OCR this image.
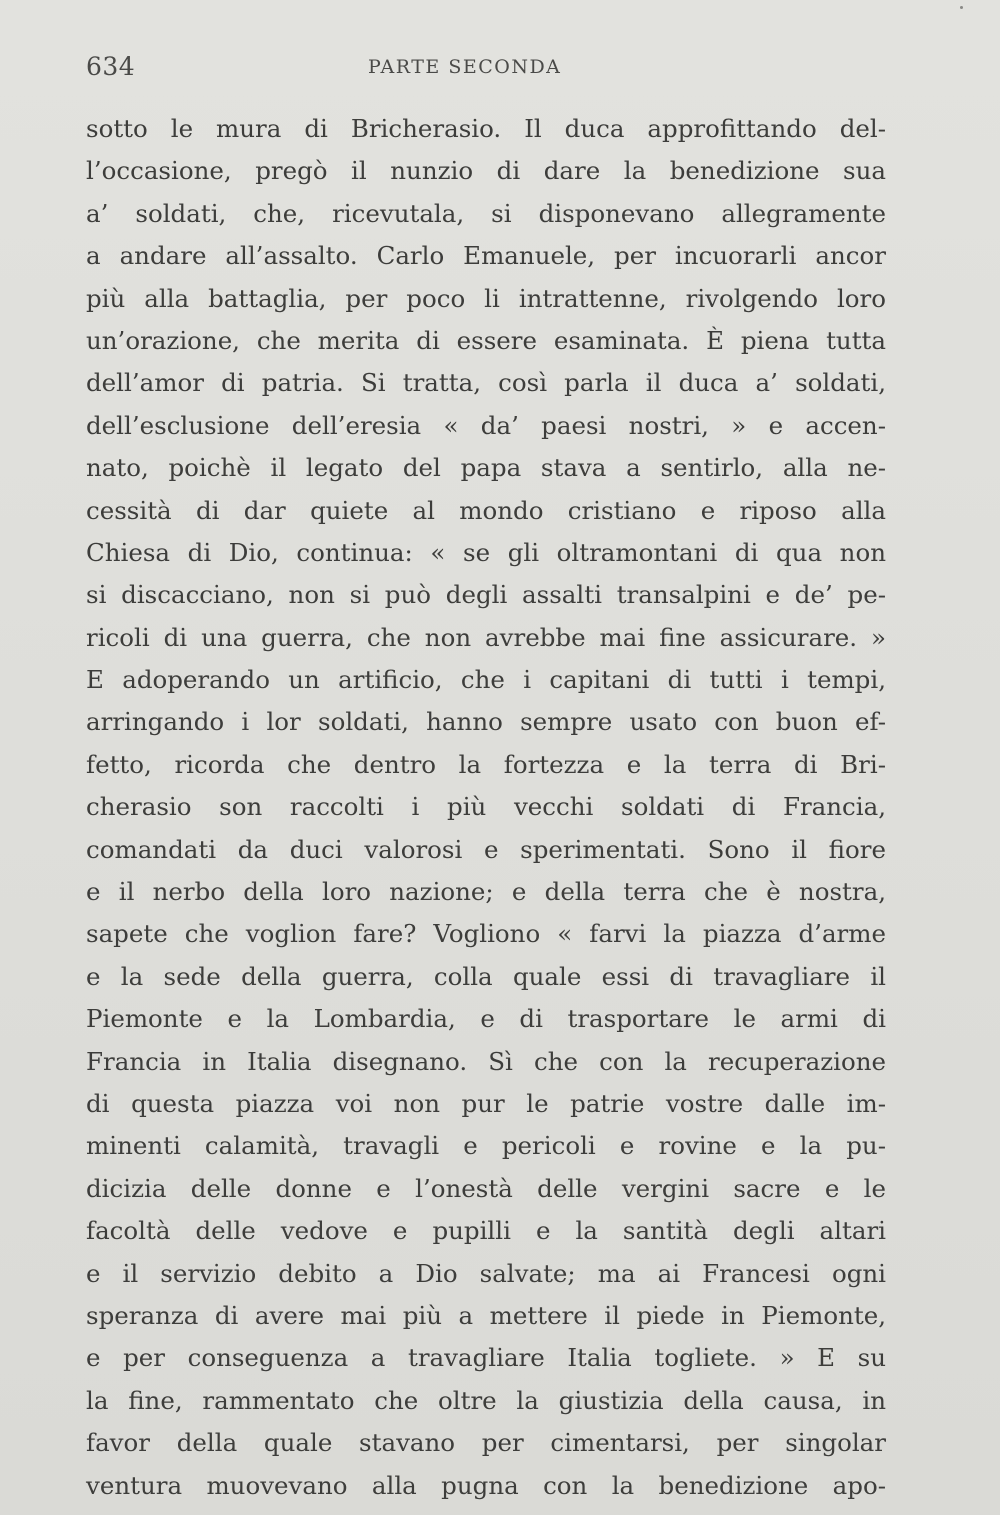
634	PARTE SECONDA
sotto le mura di Bricherasio. Il duca approfittando del-
l’occasione, pregò il nunzio di dare la benedizione sua
a’ soldati, che, ricevutala, si disponevano allegramente
a andare all’assalto. Carlo Emanuele, per incuorarli ancor
più alla battaglia, per poco li intrattenne, rivolgendo loro
un’orazione, che merita di essere esaminata. È piena tutta
dell’amor di patria. Si tratta, così parla il duca a’ soldati,
dell’esclusione dell’eresia « da’ paesi nostri, » e accen-
nato, poichè il legato del papa stava a sentirlo, alla ne-
cessità di dar quiete al mondo cristiano e riposo alla
Chiesa di Dio, continua: « se gli oltramontani di qua non
si discacciano, non si può degli assalti transalpini e de’ pe-
ricoli di una guerra, che non avrebbe mai fine assicurare. »
E adoperando un artificio, che i capitani di tutti i tempi,
arringando i lor soldati, hanno sempre usato con buon ef-
fetto, ricorda che dentro la fortezza e la terra di Bri-
cherasio son raccolti i più vecchi soldati di Francia,
comandati da duci valorosi e sperimentati. Sono il fiore
e il nerbo della loro nazione; e della terra che è nostra,
sapete che voglion fare? Vogliono « farvi la piazza d’arme
e la sede della guerra, colla quale essi di travagliare il
Piemonte e la Lombardia, e di trasportare le armi di
Francia in Italia disegnano. Sì che con la recuperazione
di questa piazza voi non pur le patrie vostre dalle im-
minenti calamità, travagli e pericoli e rovine e la pu-
dicizia delle donne e l’onestà delle vergini sacre e le
facoltà delle vedove e pupilli e la santità degli altari
e il servizio debito a Dio salvate; ma ai Francesi ogni
speranza di avere mai più a mettere il piede in Piemonte,
e per conseguenza a travagliare Italia togliete. » E su
la fine, rammentato che oltre la giustizia della causa, in
favor della quale stavano per cimentarsi, per singolar
ventura muovevano alla pugna con la benedizione apo-
